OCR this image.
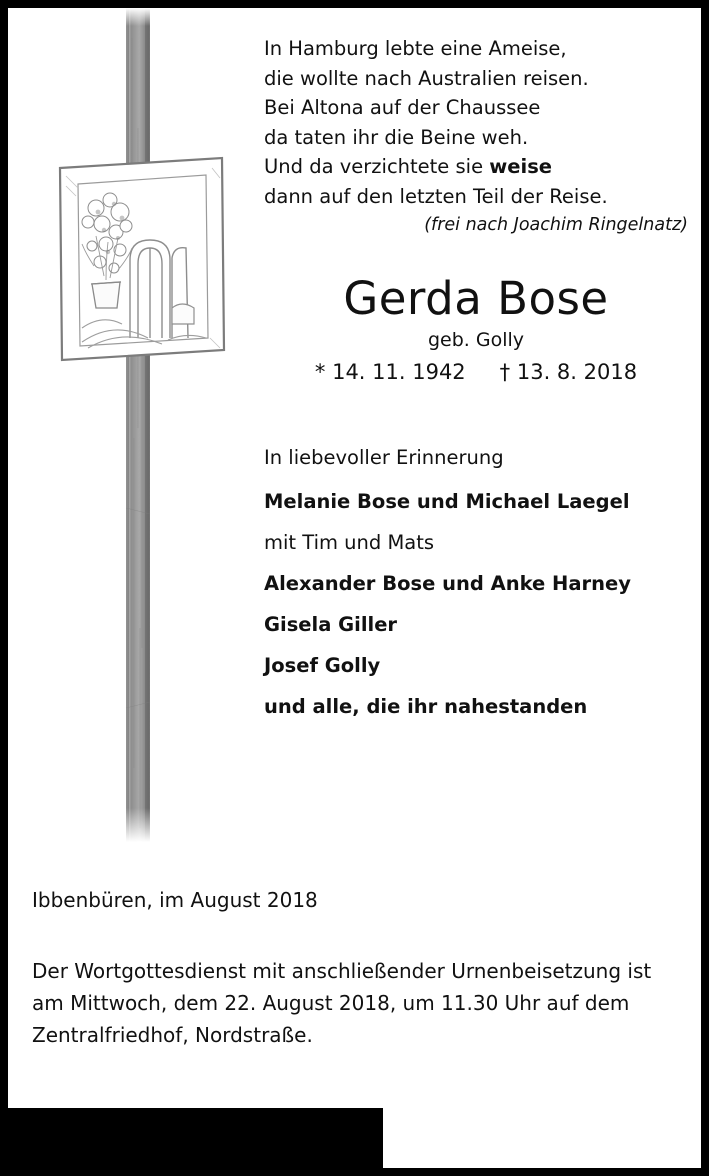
In Hamburg lebte eine Ameise,
die wollte nach Australien reisen.
Bei Altona auf der Chaussee
da taten ihr die Beine weh.
Und da verzichtete sie weise
dann auf den letzten Teil der Reise.
(frei nach Joachim Ringelnatz)
Gerda Bose
geb. Golly
* 14. 11. 1942 † 13. 8. 2018
In liebevoller Erinnerung
Melanie Bose und Michael Laegel
mit Tim und Mats
Alexander Bose und Anke Harney
Gisela Giller
Josef Golly
und alle, die ihr nahestanden
Ibbenbüren, im August 2018
Der Wortgottesdienst mit anschließender Urnenbeisetzung ist am Mittwoch, dem 22. August 2018, um 11.30 Uhr auf dem Zentralfriedhof, Nordstraße.
